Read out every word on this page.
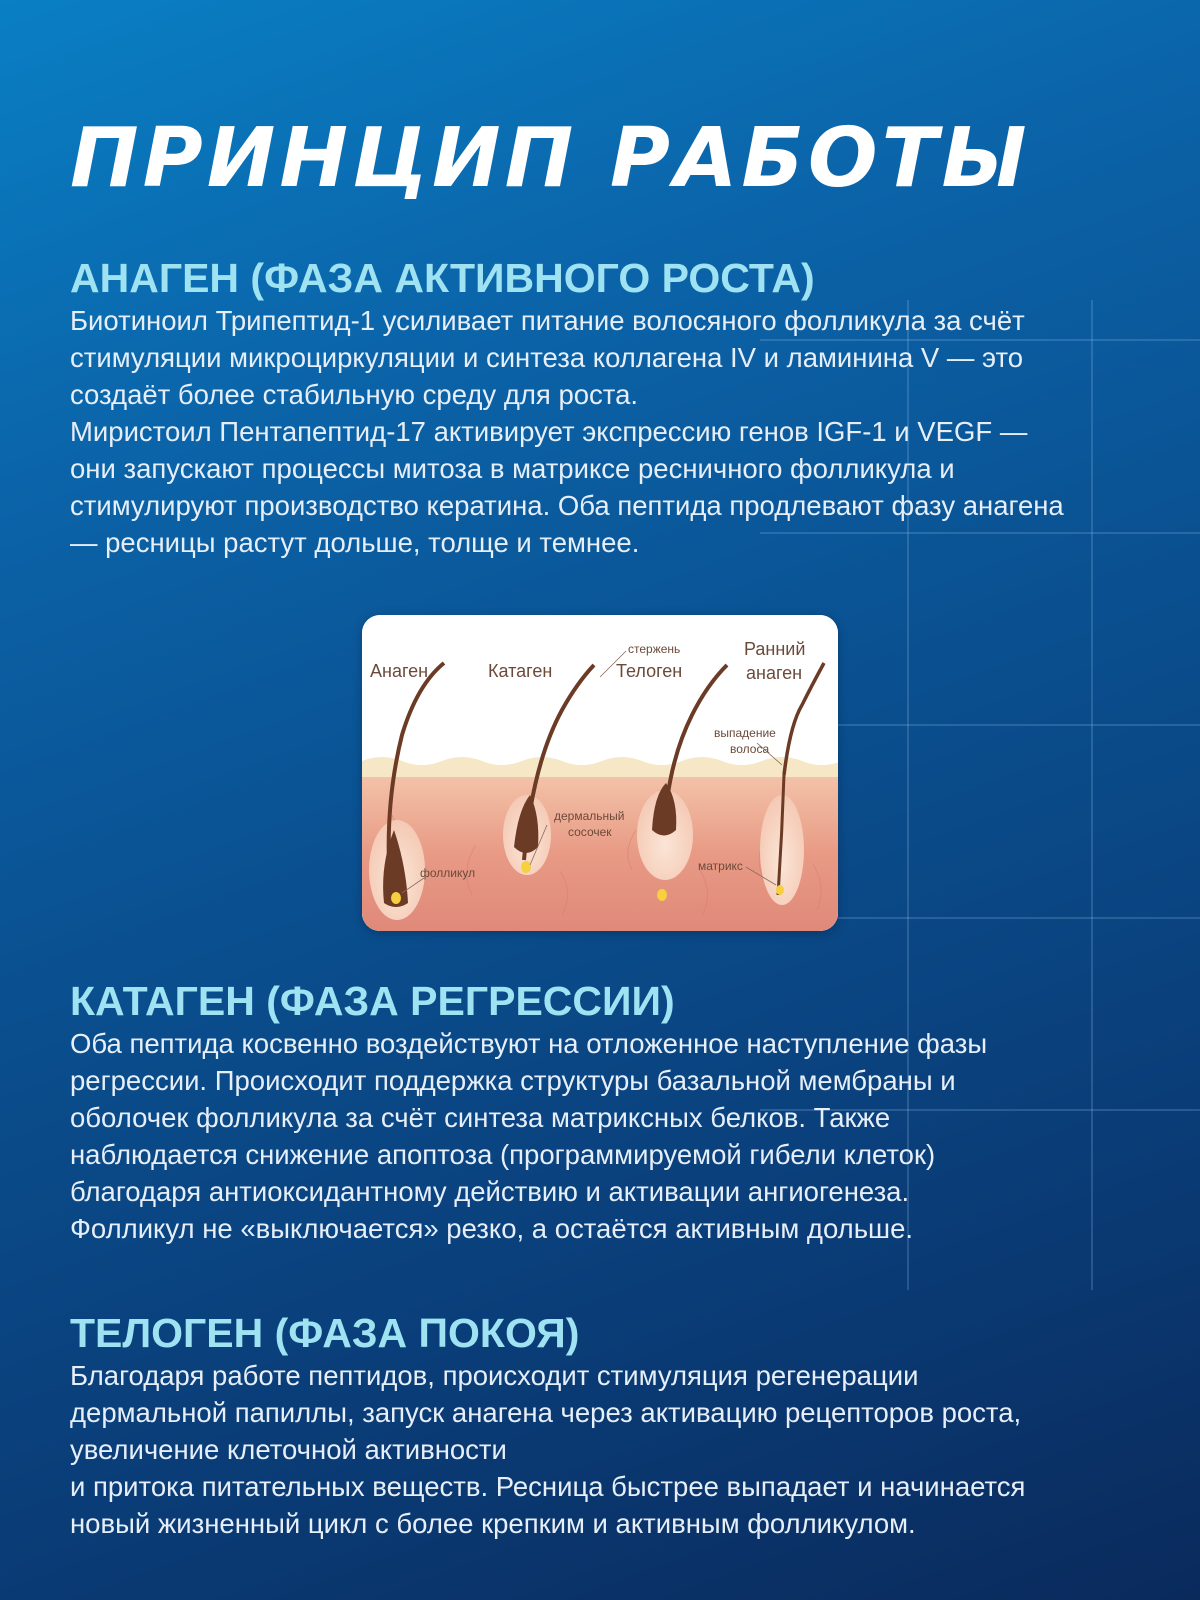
ПРИНЦИП РАБОТЫ
АНАГЕН (ФАЗА АКТИВНОГО РОСТА)

Биотиноил Трипептид-1 усиливает питание волосяного фолликула за счёт
стимуляции микроциркуляции и синтеза коллагена IV и ламинина V — это
создаёт более стабильную среду для роста.
Миристоил Пентапептид-17 активирует экспрессию генов IGF-1 и VEGF —
они запускают процессы митоза в матриксе ресничного фолликула и
стимулируют производство кератина. Оба пептида продлевают фазу анагена
— ресницы растут дольше, толще и темнее.

Анаген	Катаген	Телоген
Ранний
анаген
стержень
выпадение
волоса
дермальный
сосочек
фолликул	матрикс
КАТАГЕН (ФАЗА РЕГРЕССИИ)

Оба пептида косвенно воздействуют на отложенное наступление фазы
регрессии. Происходит поддержка структуры базальной мембраны и
оболочек фолликула за счёт синтеза матриксных белков. Также
наблюдается снижение апоптоза (программируемой гибели клеток)
благодаря антиоксидантному действию и активации ангиогенеза.
Фолликул не «выключается» резко, а остаётся активным дольше.

ТЕЛОГЕН (ФАЗА ПОКОЯ)

Благодаря работе пептидов, происходит стимуляция регенерации
дермальной папиллы, запуск анагена через активацию рецепторов роста,
увеличение клеточной активности
и притока питательных веществ. Ресница быстрее выпадает и начинается
новый жизненный цикл с более крепким и активным фолликулом.
